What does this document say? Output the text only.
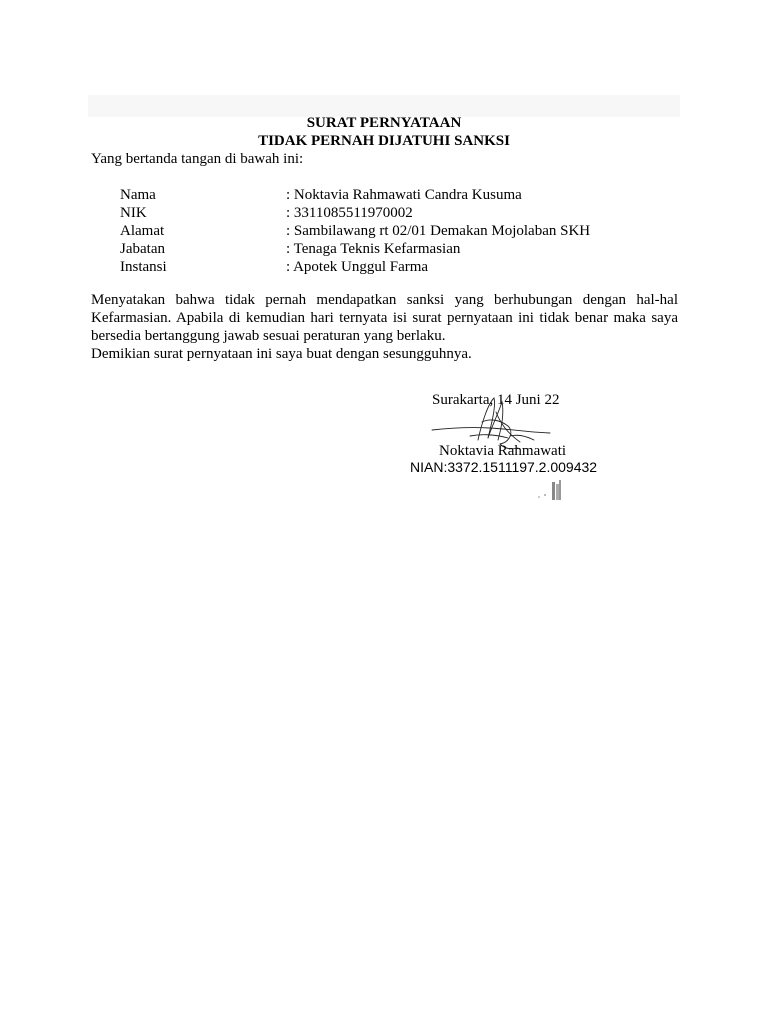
SURAT PERNYATAAN
TIDAK PERNAH DIJATUHI SANKSI
Yang bertanda tangan di bawah ini:
Nama	: Noktavia Rahmawati Candra Kusuma
NIK	: 3311085511970002
Alamat	: Sambilawang rt 02/01 Demakan Mojolaban SKH
Jabatan	: Tenaga Teknis Kefarmasian
Instansi	: Apotek Unggul Farma

Menyatakan bahwa tidak pernah mendapatkan sanksi yang berhubungan dengan hal-hal Kefarmasian. Apabila di kemudian hari ternyata isi surat pernyataan ini tidak benar maka saya bersedia bertanggung jawab sesuai peraturan yang berlaku.

Demikian surat pernyataan ini saya buat dengan sesungguhnya.

Surakarta, 14 Juni 22
Noktavia Rahmawati
NIAN:3372.1511197.2.009432
